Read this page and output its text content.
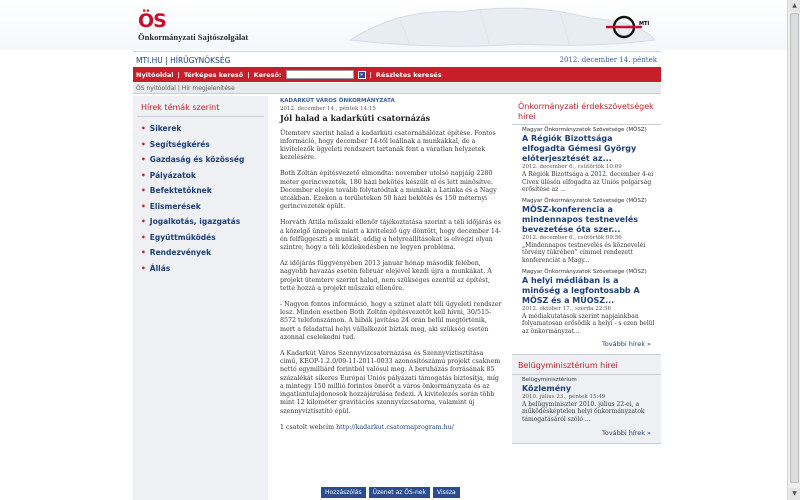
ÖS
Önkormányzati Sajtószolgálat
MTI
MTI.HU | HÍRÜGYNÖKSÉG	2012. december 14. péntek
Nyitóoldal | Térképes kereső | Kereső:	» | Részletes keresés
ÖS nyitóoldal | Hír megjelenítése
Hírek témák szerint
• Sikerek
• Segítségkérés
• Gazdaság és közösség
• Pályázatok
• Befektetőknek
• Elismerések
• Jogalkotás, igazgatás
• Együttműködés
• Rendezvények
• Állás
KADARKÚT VÁROS ÖNKORMÁNYZATA
2012. december 14., péntek 14:15
Jól halad a kadarkúti csatornázás

Ütemterv szerint halad a kadarkúti csatornahálózat építése. Fontos információ, hogy december 14-től leállnak a munkákkal, de a kivitelezők ügyeleti rendszert tartanak fent a váratlan helyzetek kezelésére.

Both Zoltán építésvezető elmondta: november utolsó napjáig 2280 méter gerincvezeték, 180 házi bekötés készült el és lett minősítve. December elején tovább folytatódtak a munkák a Latinka és a Nagy utcákban. Ezeken a területeken 50 házi bekötés és 150 méternyi gerincvezeték épült.

Horváth Attila műszaki ellenőr tájékoztatása szerint a téli időjárás és a közelgő ünnepek miatt a kivitelező úgy döntött, hogy december 14-én felfüggeszti a munkát, addig a helyreállításokat is elvégzi olyan szintre, hogy a téli közlekedésben ne legyen probléma.

Az időjárás függvényében 2013 január hónap második felében, nagyobb havazás esetén február elejével kezdi újra a munkákat. A projekt ütemterv szerint halad, nem szükséges ezentúl az építést, tette hozzá a projekt műszaki ellenőre.

- Nagyon fontos információ, hogy a szünet alatt téli ügyeleti rendszer lesz. Minden esetben Both Zoltán építésvezetőt kell hívni, 30/515-8572 telefonszámon. A hibák javítása 24 órán belül megtörténik, mert a feladattal helyi vállalkozót bíztak meg, aki szükség esetén azonnal cselekedni tud.

A Kadarkút Város Szennyvízcsatornázása és Szennyvíztisztítása című, KEOP-1.2.0/09-11-2011-0033 azonosítószámú projekt csaknem nettó egymilliárd forintból valósul meg. A beruházás forrásának 85 százalékát síkeres Európai Uniós pályázati támogatás biztosítja, míg a mintegy 150 millió forintos önerőt a város önkormányzata és az ingatlantulajdonosok hozzájárulása fedezi. A kivitelezés során több mint 12 kilométer gravitációs szennyvízcsatorna, valamint új szennyvíztisztító épül.

1 csatolt webcím http://kadarkut.csatornaprogram.hu/

Hozzászólás	Üzenet az ÖS-nek	Vissza
Önkormányzati érdekszövetségek hírei
Magyar Önkormányzatok Szövetsége (MÖSZ)
A Régiók Bizottsága elfogadta Gémesi György előterjesztését az...
2012. december 6., csütörtök 10:09
A Régiók Bizottsága a 2012. december 4-ei Civex ülésén elfogadta az Uniós polgárság erősítése az ...
Magyar Önkormányzatok Szövetsége (MÖSZ)
MÖSZ-konferencia a mindennapos testnevelés bevezetése óta szer...
2012. december 6., csütörtök 09:56
„Mindennapos testnevelés és közneveléi törvény tükrében” címmel rendezett konferenciát a Magy...
Magyar Önkormányzatok Szövetsége (MÖSZ)
A helyi médiában is a minőség a legfontosabb A MÖSZ és a MÚOSZ...
2012. október 17., szerda 22:56
A médiakutatások szerint napjainkban folyamatosan erősödik a helyi - s ezen belül az önkormányzat...
További hírek »
Belügyminisztérium hírei
Belügyminisztérium
Közlemény
2010. július 23., péntek 15:49
A belügyminiszter 2010. július 22-ei, a működésképtelen helyi önkormányzatok támogatásáról szóló ...
További hírek »
▲
▼
